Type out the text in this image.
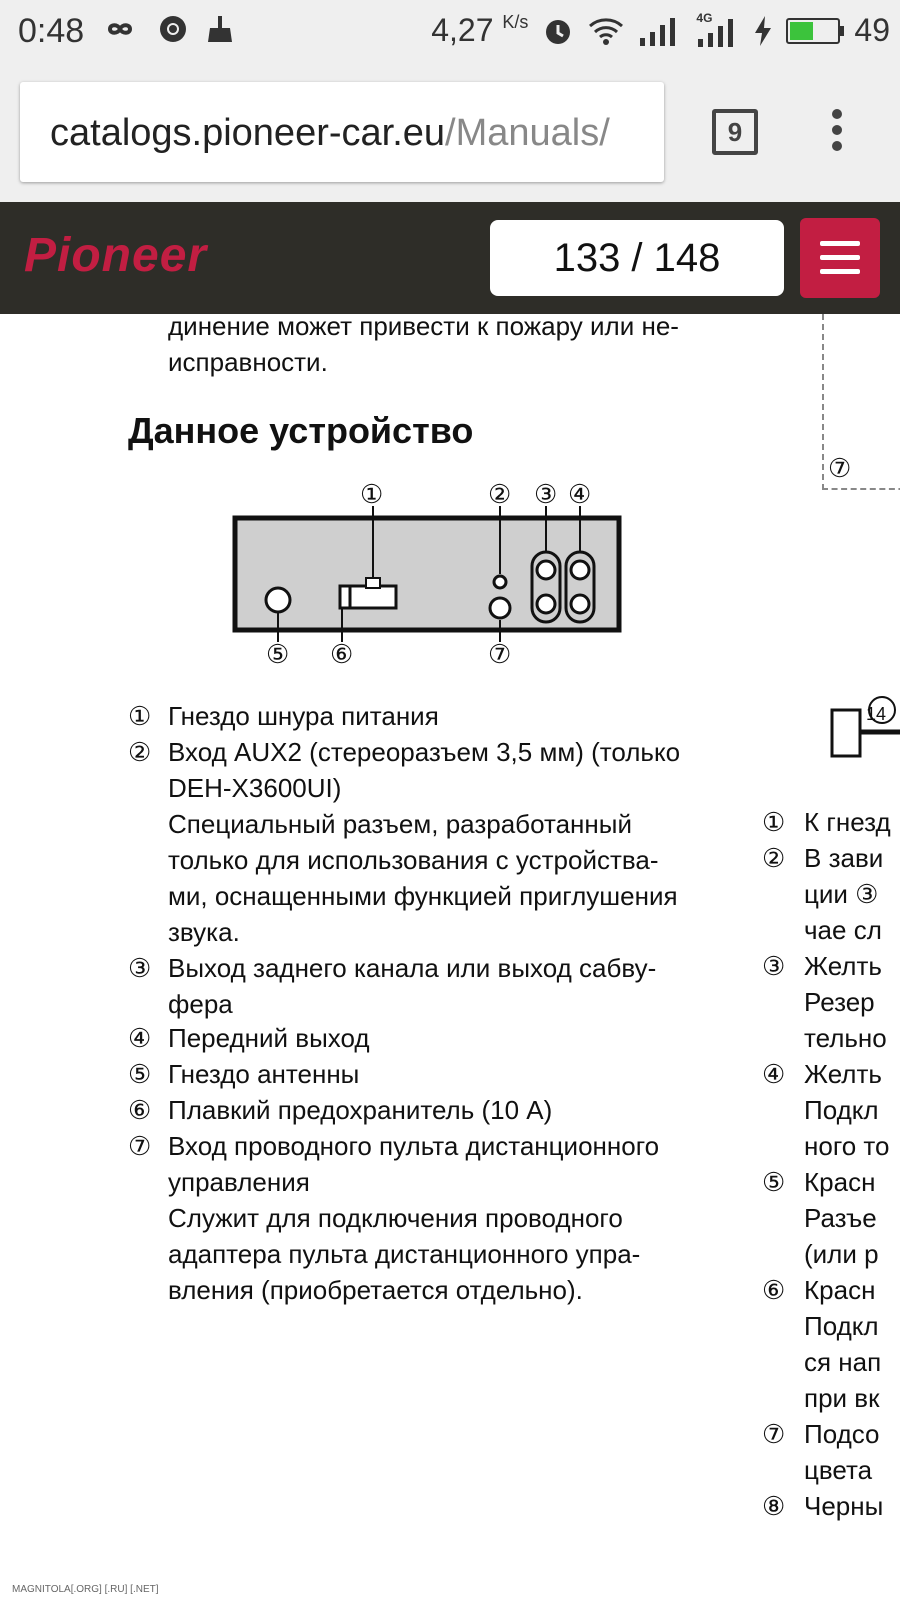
0:48	4,27 $^{K/s}$	4G	49
catalogs.pioneer-car.eu/Manuals/	9
Pioneer	133 / 148
динение может привести к пожару или не-
исправности.
Данное устройство
①	② ③ ④
⑤ ⑥	⑦
① Гнездо шнура питания
② Вход AUX2 (стереоразъем 3,5 мм) (только
DEH-X3600UI)
Специальный разъем, разработанный
только для использования с устройства-
ми, оснащенными функцией приглушения
звука.
③ Выход заднего канала или выход сабву-
фера
④ Передний выход
⑤ Гнездо антенны
⑥ Плавкий предохранитель (10 А)
⑦ Вход проводного пульта дистанционного
управления
Служит для подключения проводного
адаптера пульта дистанционного упра-
вления (приобретается отдельно).
⑦
14
① К гнезд
② В зави
ции ③
чае сл
③ Желть
Резер
тельно
④ Желть
Подкл
ного то
⑤ Красн
Разъе
(или р
⑥ Красн
Подкл
ся нап
при вк
⑦ Подсо
цвета
⑧ Черны
MAGNITOLA[.ORG] [.RU] [.NET]
